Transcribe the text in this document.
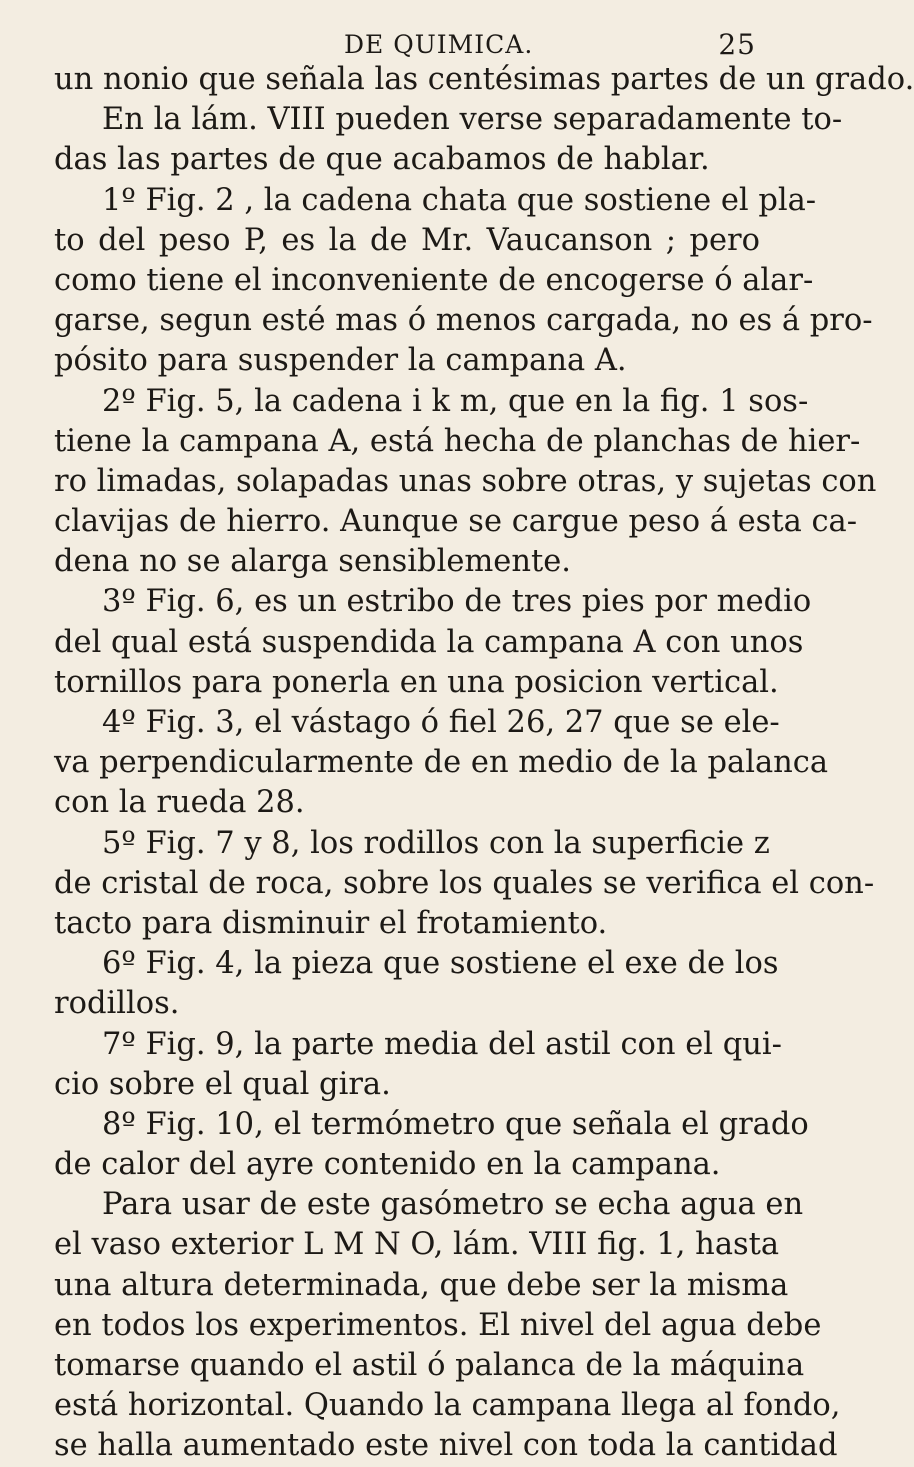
DE QUIMICA.	25
un nonio que señala las centésimas partes de un grado.
En la lám. VIII pueden verse separadamente to-
das las partes de que acabamos de hablar.
1º Fig. 2 , la cadena chata que sostiene el pla-
to del peso P, es la de Mr. Vaucanson ; pero
como tiene el inconveniente de encogerse ó alar-
garse, segun esté mas ó menos cargada, no es á pro-
pósito para suspender la campana A.
2º Fig. 5, la cadena i k m, que en la fig. 1 sos-
tiene la campana A, está hecha de planchas de hier-
ro limadas, solapadas unas sobre otras, y sujetas con
clavijas de hierro. Aunque se cargue peso á esta ca-
dena no se alarga sensiblemente.
3º Fig. 6, es un estribo de tres pies por medio
del qual está suspendida la campana A con unos
tornillos para ponerla en una posicion vertical.
4º Fig. 3, el vástago ó fiel 26, 27 que se ele-
va perpendicularmente de en medio de la palanca
con la rueda 28.
5º Fig. 7 y 8, los rodillos con la superficie z
de cristal de roca, sobre los quales se verifica el con-
tacto para disminuir el frotamiento.
6º Fig. 4, la pieza que sostiene el exe de los
rodillos.
7º Fig. 9, la parte media del astil con el qui-
cio sobre el qual gira.
8º Fig. 10, el termómetro que señala el grado
de calor del ayre contenido en la campana.
Para usar de este gasómetro se echa agua en
el vaso exterior L M N O, lám. VIII fig. 1, hasta
una altura determinada, que debe ser la misma
en todos los experimentos. El nivel del agua debe
tomarse quando el astil ó palanca de la máquina
está horizontal. Quando la campana llega al fondo,
se halla aumentado este nivel con toda la cantidad
